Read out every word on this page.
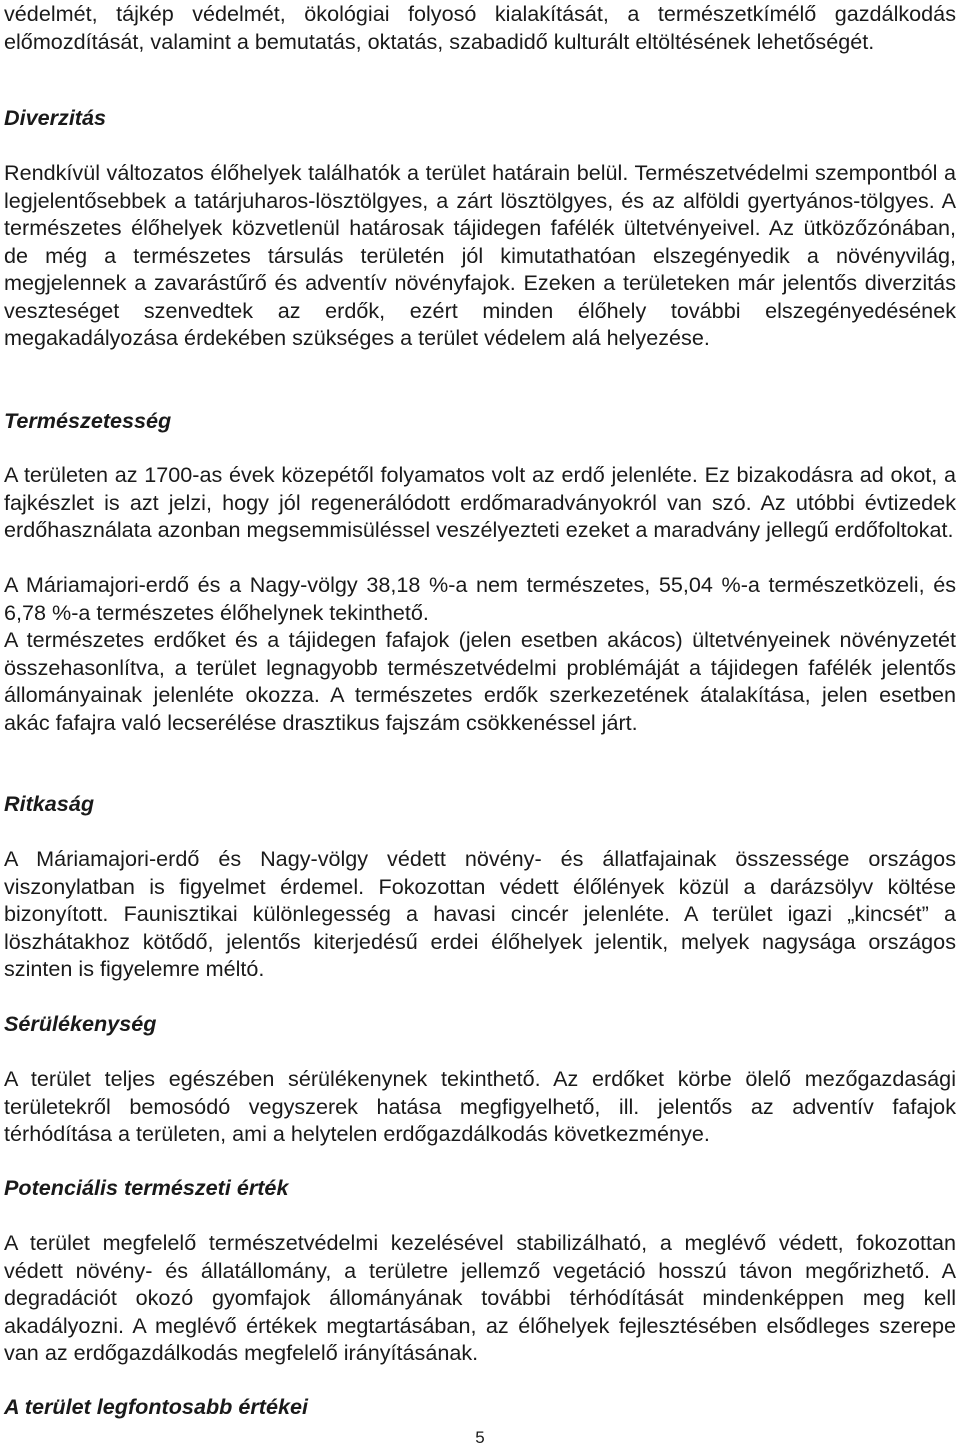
védelmét, tájkép védelmét, ökológiai folyosó kialakítását, a természetkímélő gazdálkodás előmozdítását, valamint a bemutatás, oktatás, szabadidő kulturált eltöltésének lehetőségét.

Diverzitás

Rendkívül változatos élőhelyek találhatók a terület határain belül. Természetvédelmi szempontból a legjelentősebbek a tatárjuharos-lösztölgyes, a zárt lösztölgyes, és az alföldi gyertyános-tölgyes. A természetes élőhelyek közvetlenül határosak tájidegen fafélék ültetvényeivel. Az ütközőzónában, de még a természetes társulás területén jól kimutathatóan elszegényedik a növényvilág, megjelennek a zavarástűrő és adventív növényfajok. Ezeken a területeken már jelentős diverzitás veszteséget szenvedtek az erdők, ezért minden élőhely további elszegényedésének megakadályozása érdekében szükséges a terület védelem alá helyezése.

Természetesség

A területen az 1700-as évek közepétől folyamatos volt az erdő jelenléte. Ez bizakodásra ad okot, a fajkészlet is azt jelzi, hogy jól regenerálódott erdőmaradványokról van szó. Az utóbbi évtizedek erdőhasználata azonban megsemmisüléssel veszélyezteti ezeket a maradvány jellegű erdőfoltokat.

A Máriamajori-erdő és a Nagy-völgy 38,18 %-a nem természetes, 55,04 %-a természetközeli, és 6,78 %-a természetes élőhelynek tekinthető.

A természetes erdőket és a tájidegen fafajok (jelen esetben akácos) ültetvényeinek növényzetét összehasonlítva, a terület legnagyobb természetvédelmi problémáját a tájidegen fafélék jelentős állományainak jelenléte okozza. A természetes erdők szerkezetének átalakítása, jelen esetben akác fafajra való lecserélése drasztikus fajszám csökkenéssel járt.

Ritkaság

A Máriamajori-erdő és Nagy-völgy védett növény- és állatfajainak összessége országos viszonylatban is figyelmet érdemel. Fokozottan védett élőlények közül a darázsölyv költése bizonyított. Faunisztikai különlegesség a havasi cincér jelenléte. A terület igazi „kincsét” a löszhátakhoz kötődő, jelentős kiterjedésű erdei élőhelyek jelentik, melyek nagysága országos szinten is figyelemre méltó.

Sérülékenység

A terület teljes egészében sérülékenynek tekinthető. Az erdőket körbe ölelő mezőgazdasági területekről bemosódó vegyszerek hatása megfigyelhető, ill. jelentős az adventív fafajok térhódítása a területen, ami a helytelen erdőgazdálkodás következménye.

Potenciális természeti érték

A terület megfelelő természetvédelmi kezelésével stabilizálható, a meglévő védett, fokozottan védett növény- és állatállomány, a területre jellemző vegetáció hosszú távon megőrizhető. A degradációt okozó gyomfajok állományának további térhódítását mindenképpen meg kell akadályozni. A meglévő értékek megtartásában, az élőhelyek fejlesztésében elsődleges szerepe van az erdőgazdálkodás megfelelő irányításának.

A terület legfontosabb értékei
5
